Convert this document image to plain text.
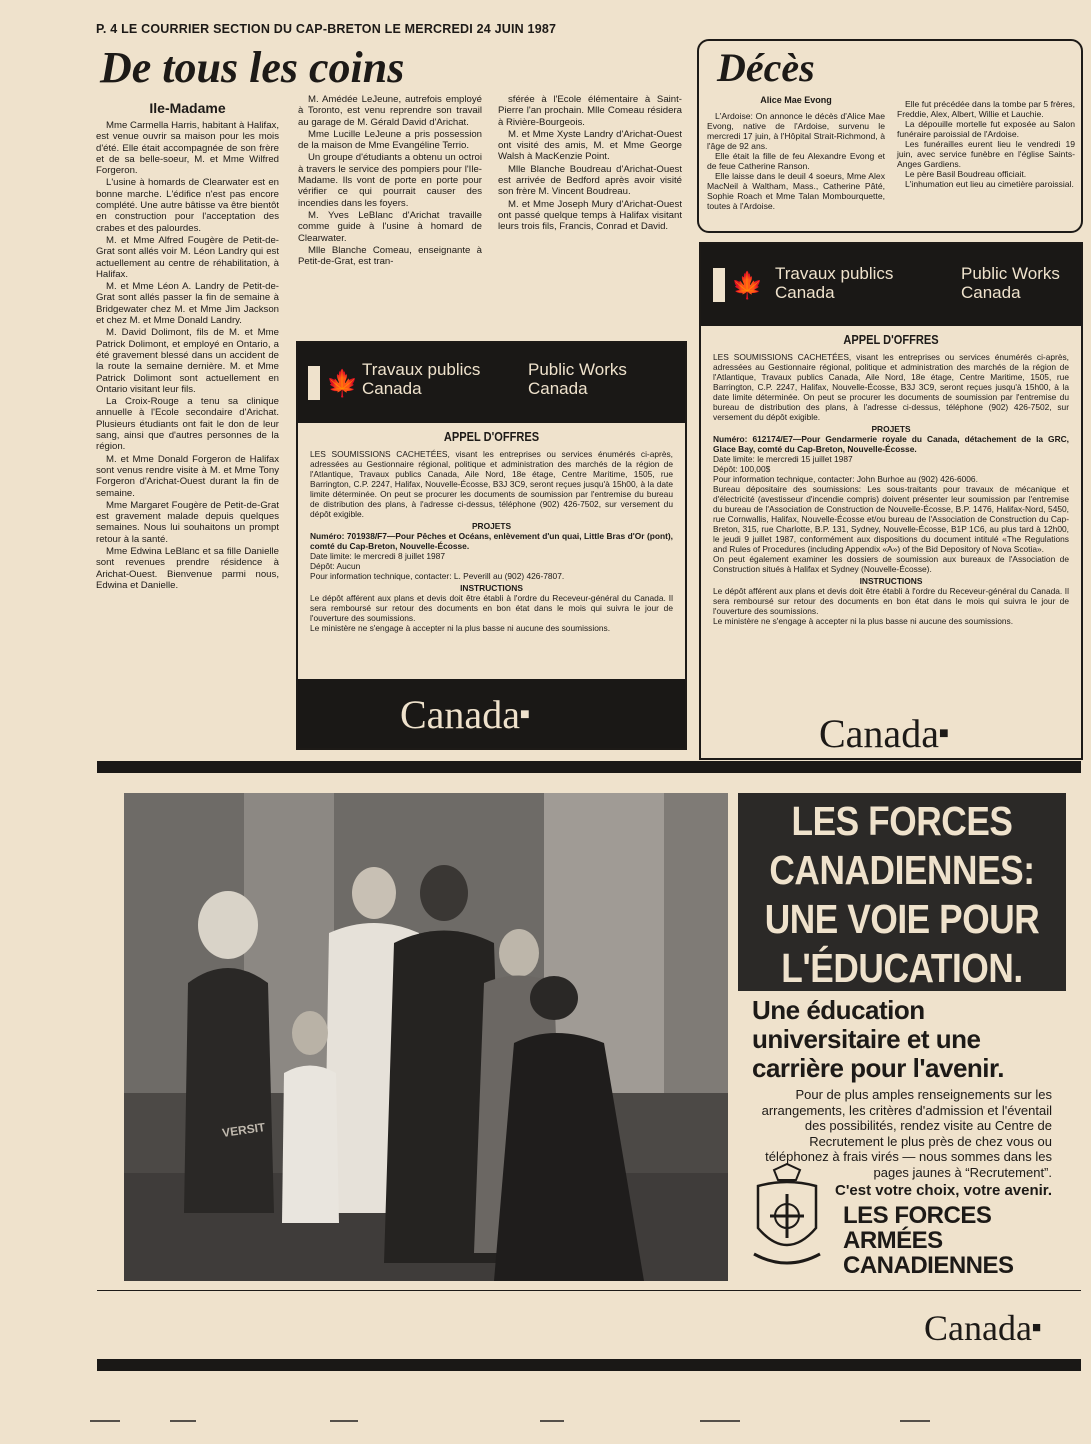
P. 4 LE COURRIER SECTION DU CAP-BRETON LE MERCREDI 24 JUIN 1987
De tous les coins
Ile-Madame

Mme Carmella Harris, habitant à Halifax, est venue ouvrir sa maison pour les mois d'été. Elle était accompagnée de son frère et de sa belle-soeur, M. et Mme Wilfred Forgeron.

L'usine à homards de Clearwater est en bonne marche. L'édifice n'est pas encore complété. Une autre bâtisse va être bientôt en construction pour l'acceptation des crabes et des palourdes.

M. et Mme Alfred Fougère de Petit-de-Grat sont allés voir M. Léon Landry qui est actuellement au centre de réhabilitation, à Halifax.

M. et Mme Léon A. Landry de Petit-de-Grat sont allés passer la fin de semaine à Bridgewater chez M. et Mme Jim Jackson et chez M. et Mme Donald Landry.

M. David Dolimont, fils de M. et Mme Patrick Dolimont, et employé en Ontario, a été gravement blessé dans un accident de la route la semaine dernière. M. et Mme Patrick Dolimont sont actuellement en Ontario visitant leur fils.

La Croix-Rouge a tenu sa clinique annuelle à l'Ecole secondaire d'Arichat. Plusieurs étudiants ont fait le don de leur sang, ainsi que d'autres personnes de la région.

M. et Mme Donald Forgeron de Halifax sont venus rendre visite à M. et Mme Tony Forgeron d'Arichat-Ouest durant la fin de semaine.

Mme Margaret Fougère de Petit-de-Grat est gravement malade depuis quelques semaines. Nous lui souhaitons un prompt retour à la santé.

Mme Edwina LeBlanc et sa fille Danielle sont revenues prendre résidence à Arichat-Ouest. Bienvenue parmi nous, Edwina et Danielle.

M. Amédée LeJeune, autrefois employé à Toronto, est venu reprendre son travail au garage de M. Gérald David d'Arichat.

Mme Lucille LeJeune a pris possession de la maison de Mme Evangéline Terrio.

Un groupe d'étudiants a obtenu un octroi à travers le service des pompiers pour l'Ile-Madame. Ils vont de porte en porte pour vérifier ce qui pourrait causer des incendies dans les foyers.

M. Yves LeBlanc d'Arichat travaille comme guide à l'usine à homard de Clearwater.

Mlle Blanche Comeau, enseignante à Petit-de-Grat, est tran-

sférée à l'Ecole élémentaire à Saint-Pierre l'an prochain. Mlle Comeau résidera à Rivière-Bourgeois.

M. et Mme Xyste Landry d'Arichat-Ouest ont visité des amis, M. et Mme George Walsh à MacKenzie Point.

Mlle Blanche Boudreau d'Arichat-Ouest est arrivée de Bedford après avoir visité son frère M. Vincent Boudreau.

M. et Mme Joseph Mury d'Arichat-Ouest ont passé quelque temps à Halifax visitant leurs trois fils, Francis, Conrad et David.

Décès
Alice Mae Evong

L'Ardoise: On annonce le décès d'Alice Mae Evong, native de l'Ardoise, survenu le mercredi 17 juin, à l'Hôpital Strait-Richmond, à l'âge de 92 ans.

Elle était la fille de feu Alexandre Evong et de feue Catherine Ranson.

Elle laisse dans le deuil 4 soeurs, Mme Alex MacNeil à Waltham, Mass., Catherine Pâté, Sophie Roach et Mme Talan Mombourquette, toutes à l'Ardoise.

Elle fut précédée dans la tombe par 5 frères, Freddie, Alex, Albert, Willie et Lauchie.

La dépouille mortelle fut exposée au Salon funéraire paroissial de l'Ardoise.

Les funérailles eurent lieu le vendredi 19 juin, avec service funèbre en l'église Saints-Anges Gardiens.

Le père Basil Boudreau officiait.

L'inhumation eut lieu au cimetière paroissial.

🍁 Travaux publics
Canada
Public Works
Canada
APPEL D'OFFRES
LES SOUMISSIONS CACHETÉES, visant les entreprises ou services énumérés ci-après, adressées au Gestionnaire régional, politique et administration des marchés de la région de l'Atlantique, Travaux publics Canada, Aile Nord, 18e étage, Centre Maritime, 1505, rue Barrington, C.P. 2247, Halifax, Nouvelle-Écosse, B3J 3C9, seront reçues jusqu'à 15h00, à la date limite déterminée. On peut se procurer les documents de soumission par l'entremise du bureau de distribution des plans, à l'adresse ci-dessus, téléphone (902) 426-7502, sur versement du dépôt exigible.
PROJETS
Numéro: 701938/F7—Pour Pêches et Océans, enlèvement d'un quai, Little Bras d'Or (pont), comté du Cap-Breton, Nouvelle-Écosse.
Date limite: le mercredi 8 juillet 1987
Dépôt: Aucun
Pour information technique, contacter: L. Peverill au (902) 426-7807.
INSTRUCTIONS
Le dépôt afférent aux plans et devis doit être établi à l'ordre du Receveur-général du Canada. Il sera remboursé sur retour des documents en bon état dans le mois qui suivra le jour de l'ouverture des soumissions.
Le ministère ne s'engage à accepter ni la plus basse ni aucune des soumissions.
Canada■
🍁 Travaux publics
Canada
Public Works
Canada
APPEL D'OFFRES
LES SOUMISSIONS CACHETÉES, visant les entreprises ou services énumérés ci-après, adressées au Gestionnaire régional, politique et administration des marchés de la région de l'Atlantique, Travaux publics Canada, Aile Nord, 18e étage, Centre Maritime, 1505, rue Barrington, C.P. 2247, Halifax, Nouvelle-Écosse, B3J 3C9, seront reçues jusqu'à 15h00, à la date limite déterminée. On peut se procurer les documents de soumission par l'entremise du bureau de distribution des plans, à l'adresse ci-dessus, téléphone (902) 426-7502, sur versement du dépôt exigible.
PROJETS
Numéro: 612174/E7—Pour Gendarmerie royale du Canada, détachement de la GRC, Glace Bay, comté du Cap-Breton, Nouvelle-Écosse.
Date limite: le mercredi 15 juillet 1987
Dépôt: 100,00$
Pour information technique, contacter: John Burhoe au (902) 426-6006.
Bureau dépositaire des soumissions: Les sous-traitants pour travaux de mécanique et d'électricité (avestisseur d'incendie compris) doivent présenter leur soumission par l'entremise du bureau de l'Association de Construction de Nouvelle-Écosse, B.P. 1476, Halifax-Nord, 5450, rue Cornwallis, Halifax, Nouvelle-Écosse et/ou bureau de l'Association de Construction du Cap-Breton, 315, rue Charlotte, B.P. 131, Sydney, Nouvelle-Écosse, B1P 1C6, au plus tard à 12h00, le jeudi 9 juillet 1987, conformément aux dispositions du document intitulé «The Regulations and Rules of Procedures (including Appendix «A») of the Bid Depository of Nova Scotia».
On peut également examiner les dossiers de soumission aux bureaux de l'Association de Construction situés à Halifax et Sydney (Nouvelle-Écosse).
INSTRUCTIONS
Le dépôt afférent aux plans et devis doit être établi à l'ordre du Receveur-général du Canada. Il sera remboursé sur retour des documents en bon état dans le mois qui suivra le jour de l'ouverture des soumissions.
Le ministère ne s'engage à accepter ni la plus basse ni aucune des soumissions.
Canada■
VERSIT
LES FORCES
CANADIENNES:
UNE VOIE POUR
L'ÉDUCATION.
Une éducation universitaire et une carrière pour l'avenir.
Pour de plus amples renseignements sur les arrangements, les critères d'admission et l'éventail des possibilités, rendez visite au Centre de Recrutement le plus près de chez vous ou téléphonez à frais virés — nous sommes dans les pages jaunes à “Recrutement”.
C'est votre choix, votre avenir.
LES FORCES
ARMÉES
CANADIENNES
Canada■
